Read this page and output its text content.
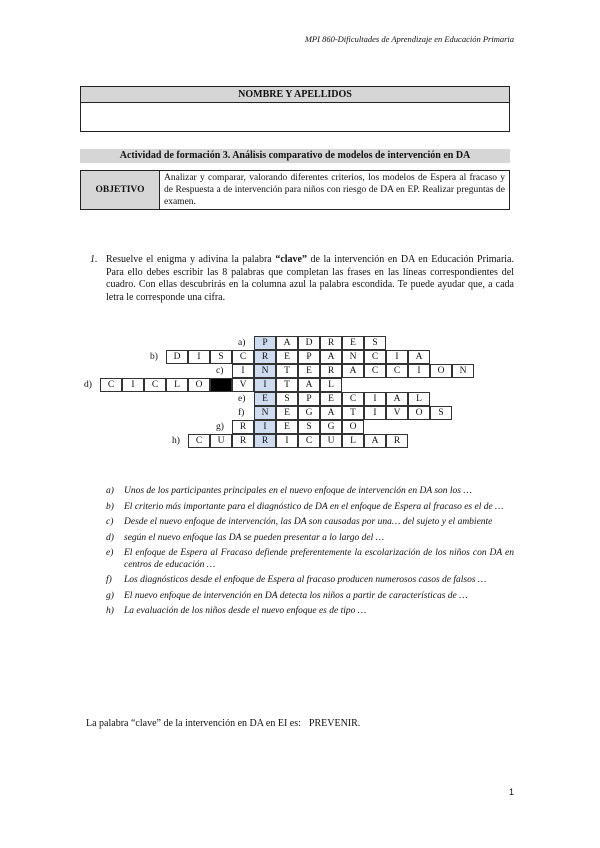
MPI 860-Dificultades de Aprendizaje en Educación Primaria
NOMBRE Y APELLIDOS

Actividad de formación 3. Análisis comparativo de modelos de intervención en DA
OBJETIVO	Analizar y comparar, valorando diferentes criterios, los modelos de Espera al fracaso y de Respuesta a de intervención para niños con riesgo de DA en EP. Realizar preguntas de examen.
1. Resuelve el enigma y adivina la palabra “clave” de la intervención en DA en Educación Primaria. Para ello debes escribir las 8 palabras que completan las frases en las líneas correspondientes del cuadro. Con ellas descubrirás en la columna azul la palabra escondida. Te puede ayudar que, a cada letra le corresponde una cifra.
a)	P	A	D	R	E	S
b)	D	I	S	C	R	E	P	A	N	C	I	A
c)	I	N	T	E	R	A	C	C	I	O	N
d)	C	I	C	L	O	V	I	T	A	L
e)	E	S	P	E	C	I	A	L
f)	N	E	G	A	T	I	V	O	S
g)	R	I	E	S	G	O
h)	C	U	R	R	I	C	U	L	A	R
a) Unos de los participantes principales en el nuevo enfoque de intervención en DA son los …
b) El criterio más importante para el diagnóstico de DA en el enfoque de Espera al fracaso es el de …
c) Desde el nuevo enfoque de intervención, las DA son causadas por una… del sujeto y el ambiente
d) según el nuevo enfoque las DA se pueden presentar a lo largo del …
e) El enfoque de Espera al Fracaso defiende preferentemente la escolarización de los niños con DA en centros de educación …
f) Los diagnósticos desde el enfoque de Espera al fracaso producen numerosos casos de falsos …
g) El nuevo enfoque de intervención en DA detecta los niños a partir de características de …
h) La evaluación de los niños desde el nuevo enfoque es de tipo …
La palabra “clave” de la intervención en DA en EI es: PREVENIR.
1
